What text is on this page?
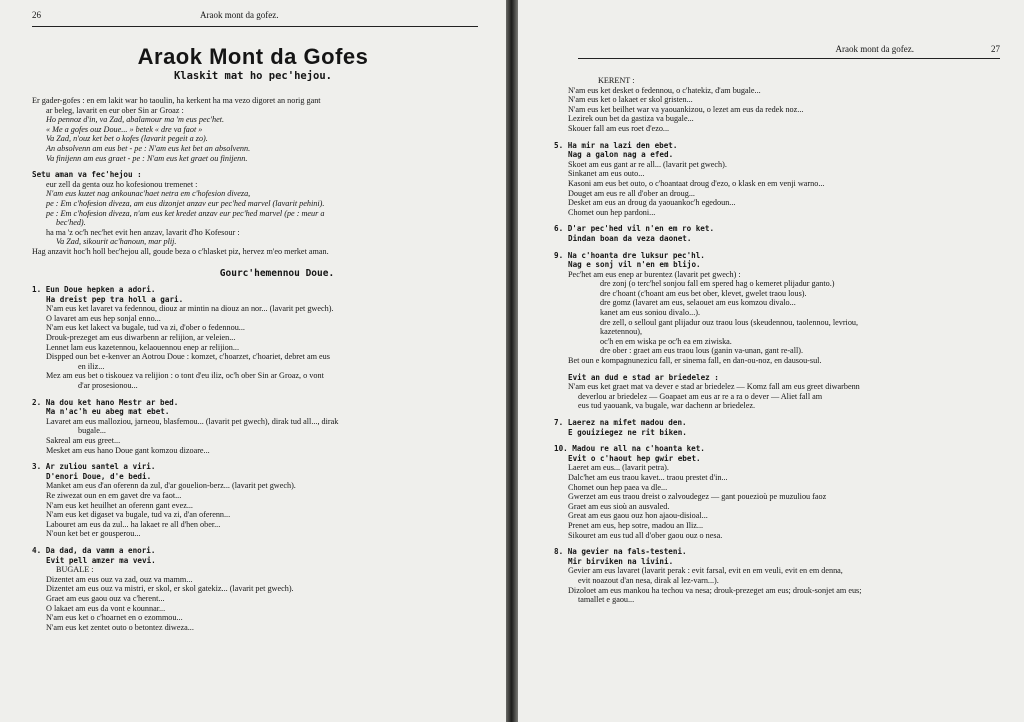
26	Araok mont da gofez.
Araok Mont da Gofes
Klaskit mat ho pec'hejou.

Er gader-gofes : en em lakit war ho taoulin, ha kerkent ha ma vezo digoret an norig gant

ar beleg, lavarit en eur ober Sin ar Groaz :

Ho pennoz d'in, va Zad, abalamour ma 'm eus pec'het.

« Me a gofes ouz Doue... » betek « dre va faot »

Va Zad, n'ouz ket bet o kofes (lavarit pegeit a zo).

An absolvenn am eus bet - pe : N'am eus ket bet an absolvenn.

Va finijenn am eus graet - pe : N'am eus ket graet ou finijenn.

Setu aman va fec'hejou :

eur zell da genta ouz ho kofesionou tremenet :

N'am eus kuzet nag ankounac'haet netra em c'hofesion diveza,

pe : Em c'hofesion diveza, am eus dizonjet anzav eur pec'hed marvel (lavarit pehini).

pe : Em c'hofesion diveza, n'am eus ket kredet anzav eur pec'hed marvel (pe : meur a

bec'hed).

ha ma 'z oc'h nec'het evit hen anzav, lavarit d'ho Kofesour :

Va Zad, sikourit ac'hanoun, mar plij.

Hag anzavit hoc'h holl bec'hejou all, goude beza o c'hlasket piz, hervez m'eo merket aman.

Gourc'hemennou Doue.

1. Eun Doue hepken a adori.

Ha dreist pep tra holl a gari.

N'am eus ket lavaret va fedennou, diouz ar mintin na diouz an nor... (lavarit pet gwech).

O lavaret am eus hep sonjal enno...

N'am eus ket lakect va bugale, tud va zi, d'ober o fedennou...

Drouk-prezeget am eus diwarbenn ar relijion, ar veleien...

Lennet lam eus kazetennou, kelaouennou enep ar relijion...

Dispped oun bet e-kenver an Aotrou Doue : komzet, c'hoarzet, c'hoariet, debret am eus

en iliz...

Mez am eus bet o tiskouez va relijion : o tont d'eu iliz, oc'h ober Sin ar Groaz, o vont

d'ar prosesionou...

2. Na dou ket hano Mestr ar bed.

Ma n'ac'h eu abeg mat ebet.

Lavaret am eus malloziou, jarneou, blasfemou... (lavarit pet gwech), dirak tud all..., dirak

bugale...

Sakreal am eus greet...

Mesket am eus hano Doue gant komzou dizoare...

3. Ar zuliou santel a viri.

D'enori Doue, d'e bedi.

Manket am eus d'an oferenn da zul, d'ar gouelion-berz... (lavarit pet gwech).

Re ziwezat oun en em gavet dre va faot...

N'am eus ket heuilhet an oferenn gant evez...

N'am eus ket digaset va bugale, tud va zi, d'an oferenn...

Labouret am eus da zul... ha lakaet re all d'hen ober...

N'oun ket bet er gousperou...

4. Da dad, da vamm a enori.

Evit pell amzer ma vevi.

BUGALE :

Dizentet am eus ouz va zad, ouz va mamm...

Dizentet am eus ouz va mistri, er skol, er skol gatekiz... (lavarit pet gwech).

Graet am eus gaou ouz va c'herent...

O lakaet am eus da vont e kounnar...

N'am eus ket o c'hoarnet en o ezommou...

N'am eus ket zentet outo o betontez diweza...

Araok mont da gofez.	27

KERENT :

N'am eus ket desket o fedennou, o c'hatekiz, d'am bugale...

N'am eus ket o lakaet er skol gristen...

N'am eus ket beilhet war va yaouankizou, o lezet am eus da redek noz...

Lezirek oun bet da gastiza va bugale...

Skouer fall am eus roet d'ezo...

5. Ha mir na lazi den ebet.

Nag a galon nag a efed.

Skoet am eus gant ar re all... (lavarit pet gwech).

Sinkanet am eus outo...

Kasoni am eus bet outo, o c'hoantaat droug d'ezo, o klask en em venji warno...

Douget am eus re all d'ober an droug...

Desket am eus an droug da yaouankoc'h egedoun...

Chomet oun hep pardoni...

6. D'ar pec'hed vil n'en em ro ket.

Dindan boan da veza daonet.

9. Na c'hoanta dre luksur pec'hl.

Nag e sonj vil n'en em blijo.

Pec'het am eus enep ar burentez (lavarit pet gwech) :

dre zonj (o terc'hel sonjou fall em spered hag o kemeret plijadur ganto.)

dre c'hoant (c'hoant am eus bet ober, klevet, gwelet traou lous).

dre gomz (lavaret am eus, selaouet am eus komzou divalo...

kanet am eus soniou divalo...).

dre zell, o selloul gant plijadur ouz traou lous (skeudennou, taolennou, levriou,

kazetennou),

oc'h en em wiska pe oc'h ea em ziwiska.

dre ober : graet am eus traou lous (ganin va-unan, gant re-all).

Bet oun e kompagnunezicu fall, er sinema fall, en dan-ou-noz, en dausou-sul.

Evit an dud e stad ar briedelez :

N'am eus ket graet mat va dever e stad ar briedelez — Komz fall am eus greet diwarbenn

deverlou ar briedelez — Goapaet am eus ar re a ra o dever — Aliet fall am

eus tud yaouank, va bugale, war dachenn ar briedelez.

7. Laerez na mifet madou den.

E gouiziegez ne rit biken.

10. Madou re all na c'hoanta ket.

Evit o c'haout hep gwir ebet.

Laeret am eus... (lavarit petra).

Dalc'het am eus traou kavet... traou prestet d'in...

Chomet oun hep paea va dle...

Gwerzet am eus traou dreist o zalvoudegez — gant pouezioù pe muzuliou faoz

Graet am eus sioù an ausvaled.

Great am eus gaou ouz hon ajaou-disioal...

Prenet am eus, hep sotre, madou an Iliz...

Sikouret am eus tud all d'ober gaou ouz o nesa.

8. Na gevier na fals-testeni.

Mir birviken na livini.

Gevier am eus lavaret (lavarit perak : evit farsal, evit en em veuli, evit en em denna,

evit noazout d'an nesa, dirak al lez-varn...).

Dizoloet am eus mankou ha techou va nesa; drouk-prezeget am eus; drouk-sonjet am eus;

tamallet e gaou...
